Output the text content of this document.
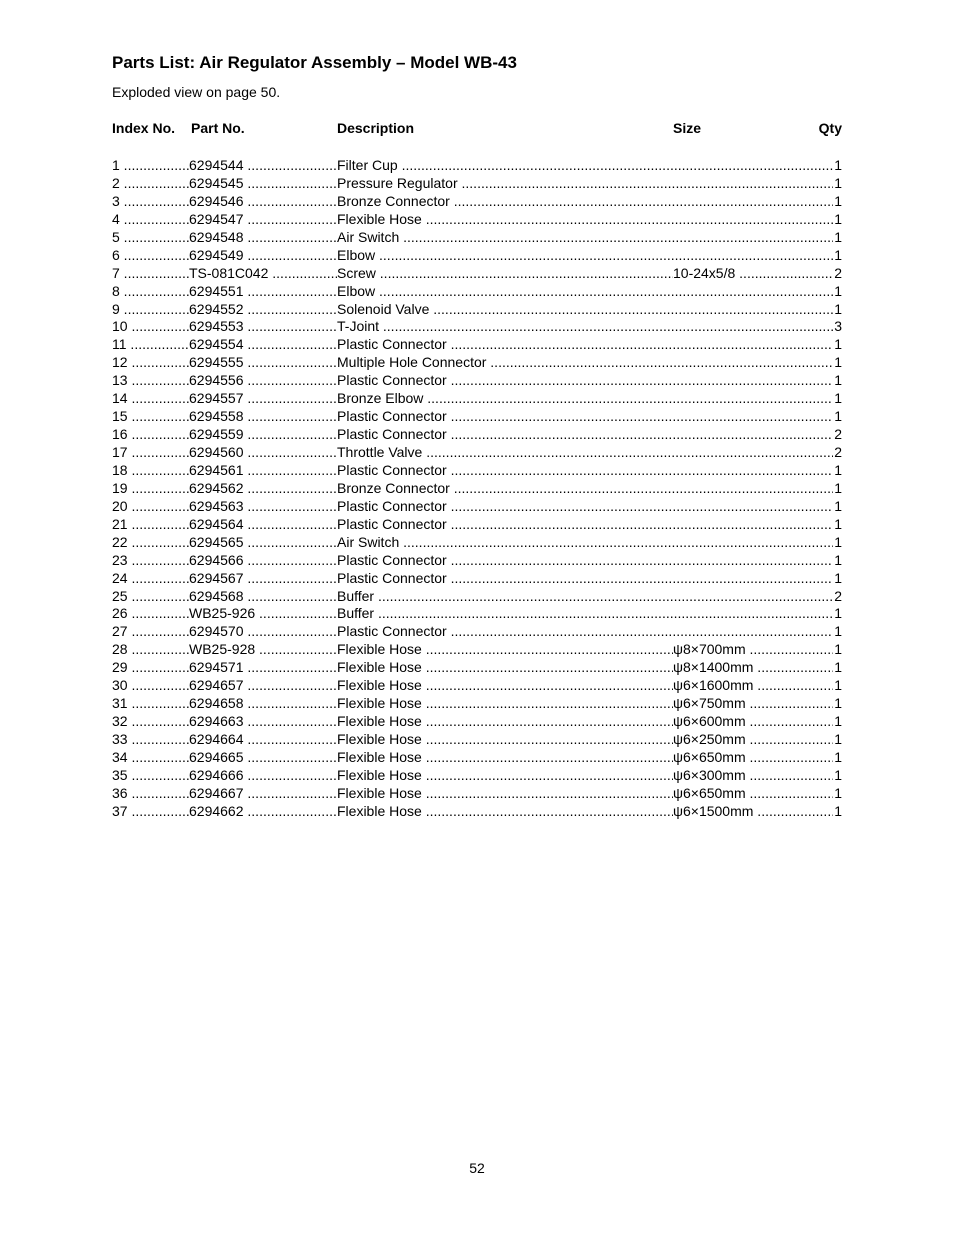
Parts List: Air Regulator Assembly – Model WB-43
Exploded view on page 50.
Index No. Part No.	Description	Size	Qty
1 .....	6294544 .....	Filter Cup .....	1
2 .....	6294545 .....	Pressure Regulator .....	1
3 .....	6294546 .....	Bronze Connector .....	1
4 .....	6294547 .....	Flexible Hose .....	1
5 .....	6294548 .....	Air Switch .....	1
6 .....	6294549 .....	Elbow .....	1
7 .....	TS-081C042 .....	Screw .....	10-24x5/8 .....	2
8 .....	6294551 .....	Elbow .....	1
9 .....	6294552 .....	Solenoid Valve .....	1
10 .....	6294553 .....	T-Joint .....	3
11 .....	6294554 .....	Plastic Connector .....	1
12 .....	6294555 .....	Multiple Hole Connector .....	1
13 .....	6294556 .....	Plastic Connector .....	1
14 .....	6294557 .....	Bronze Elbow .....	1
15 .....	6294558 .....	Plastic Connector .....	1
16 .....	6294559 .....	Plastic Connector .....	2
17 .....	6294560 .....	Throttle Valve .....	2
18 .....	6294561 .....	Plastic Connector .....	1
19 .....	6294562 .....	Bronze Connector .....	1
20 .....	6294563 .....	Plastic Connector .....	1
21 .....	6294564 .....	Plastic Connector .....	1
22 .....	6294565 .....	Air Switch .....	1
23 .....	6294566 .....	Plastic Connector .....	1
24 .....	6294567 .....	Plastic Connector .....	1
25 .....	6294568 .....	Buffer .....	2
26 .....	WB25-926 .....	Buffer .....	1
27 .....	6294570 .....	Plastic Connector .....	1
28 .....	WB25-928 .....	Flexible Hose .....	ψ8×700mm .....	1
29 .....	6294571 .....	Flexible Hose .....	ψ8×1400mm .....	1
30 .....	6294657 .....	Flexible Hose .....	ψ6×1600mm .....	1
31 .....	6294658 .....	Flexible Hose .....	ψ6×750mm .....	1
32 .....	6294663 .....	Flexible Hose .....	ψ6×600mm .....	1
33 .....	6294664 .....	Flexible Hose .....	ψ6×250mm .....	1
34 .....	6294665 .....	Flexible Hose .....	ψ6×650mm .....	1
35 .....	6294666 .....	Flexible Hose .....	ψ6×300mm .....	1
36 .....	6294667 .....	Flexible Hose .....	ψ6×650mm .....	1
37 .....	6294662 .....	Flexible Hose .....	ψ6×1500mm .....	1
52
